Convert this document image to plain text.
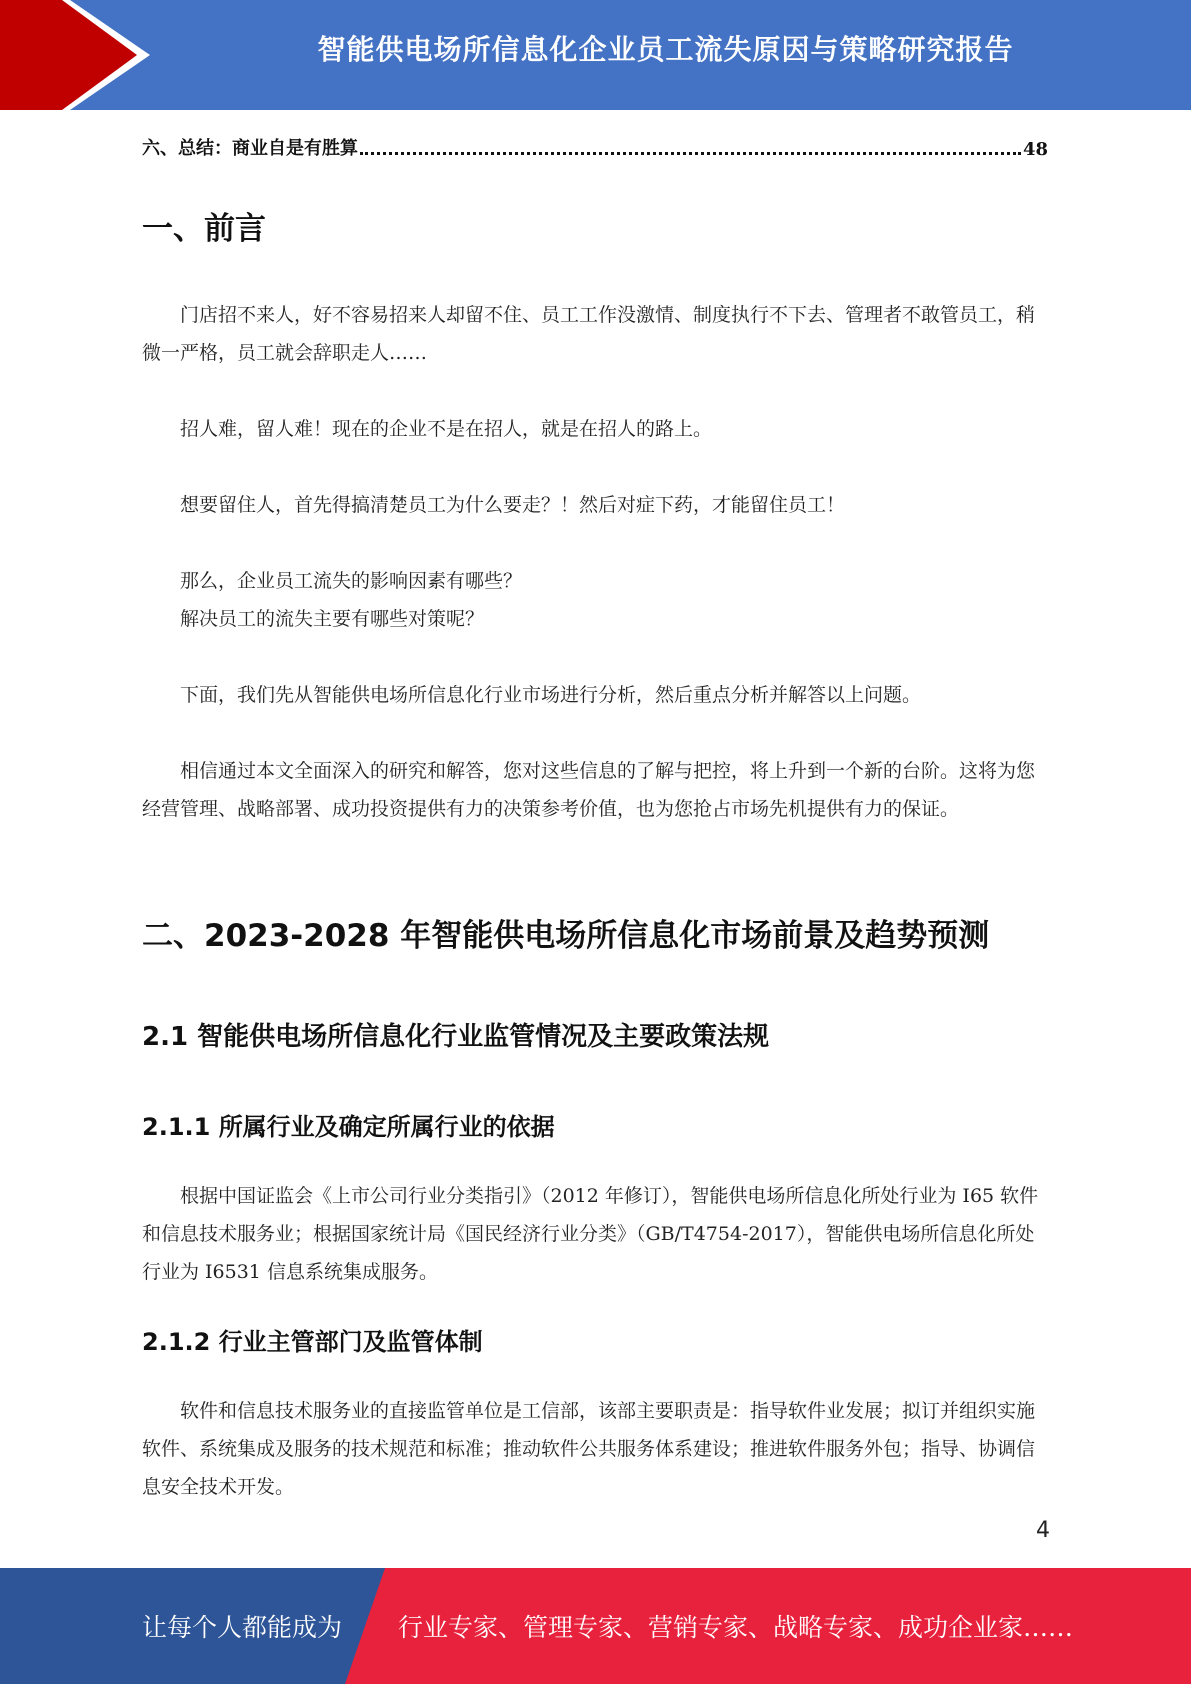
智能供电场所信息化企业员工流失原因与策略研究报告
六、总结：商业自是有胜算	48
一、前言

门店招不来人，好不容易招来人却留不住、员工工作没激情、制度执行不下去、管理者不敢管员工，稍微一严格，员工就会辞职走人……

招人难，留人难！现在的企业不是在招人，就是在招人的路上。

想要留住人，首先得搞清楚员工为什么要走？！然后对症下药，才能留住员工！

那么，企业员工流失的影响因素有哪些？

解决员工的流失主要有哪些对策呢？

下面，我们先从智能供电场所信息化行业市场进行分析，然后重点分析并解答以上问题。

相信通过本文全面深入的研究和解答，您对这些信息的了解与把控，将上升到一个新的台阶。这将为您经营管理、战略部署、成功投资提供有力的决策参考价值，也为您抢占市场先机提供有力的保证。

二、2023-2028 年智能供电场所信息化市场前景及趋势预测
2.1 智能供电场所信息化行业监管情况及主要政策法规
2.1.1 所属行业及确定所属行业的依据

根据中国证监会《上市公司行业分类指引》（2012 年修订），智能供电场所信息化所处行业为 I65 软件和信息技术服务业；根据国家统计局《国民经济行业分类》（GB/T4754-2017），智能供电场所信息化所处行业为 I6531 信息系统集成服务。

2.1.2 行业主管部门及监管体制

软件和信息技术服务业的直接监管单位是工信部，该部主要职责是：指导软件业发展；拟订并组织实施软件、系统集成及服务的技术规范和标准；推动软件公共服务体系建设；推进软件服务外包；指导、协调信息安全技术开发。

4
让每个人都能成为 行业专家、管理专家、营销专家、战略专家、成功企业家……
